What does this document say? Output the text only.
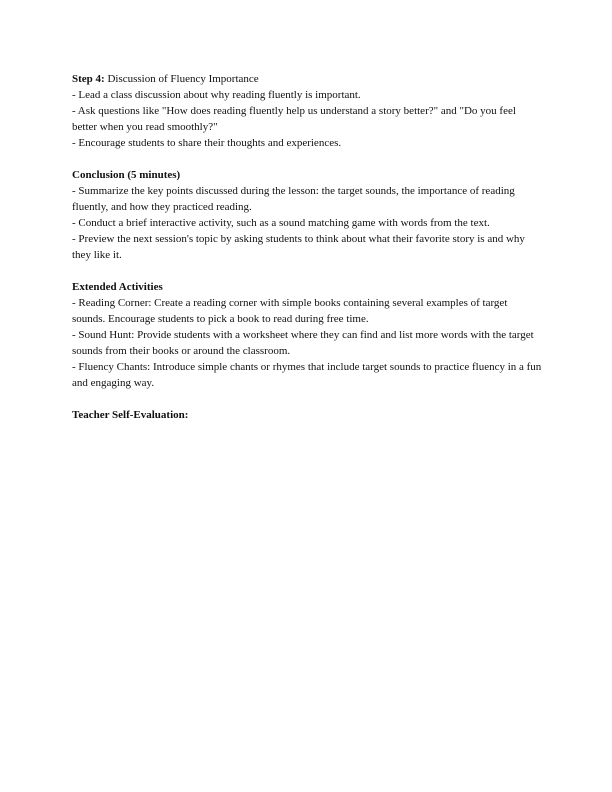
Step 4: Discussion of Fluency Importance

- Lead a class discussion about why reading fluently is important.

- Ask questions like "How does reading fluently help us understand a story better?" and "Do you feel better when you read smoothly?"

- Encourage students to share their thoughts and experiences.

Conclusion (5 minutes)

- Summarize the key points discussed during the lesson: the target sounds, the importance of reading fluently, and how they practiced reading.

- Conduct a brief interactive activity, such as a sound matching game with words from the text.

- Preview the next session's topic by asking students to think about what their favorite story is and why they like it.

Extended Activities

- Reading Corner: Create a reading corner with simple books containing several examples of target sounds. Encourage students to pick a book to read during free time.

- Sound Hunt: Provide students with a worksheet where they can find and list more words with the target sounds from their books or around the classroom.

- Fluency Chants: Introduce simple chants or rhymes that include target sounds to practice fluency in a fun and engaging way.

Teacher Self-Evaluation:
